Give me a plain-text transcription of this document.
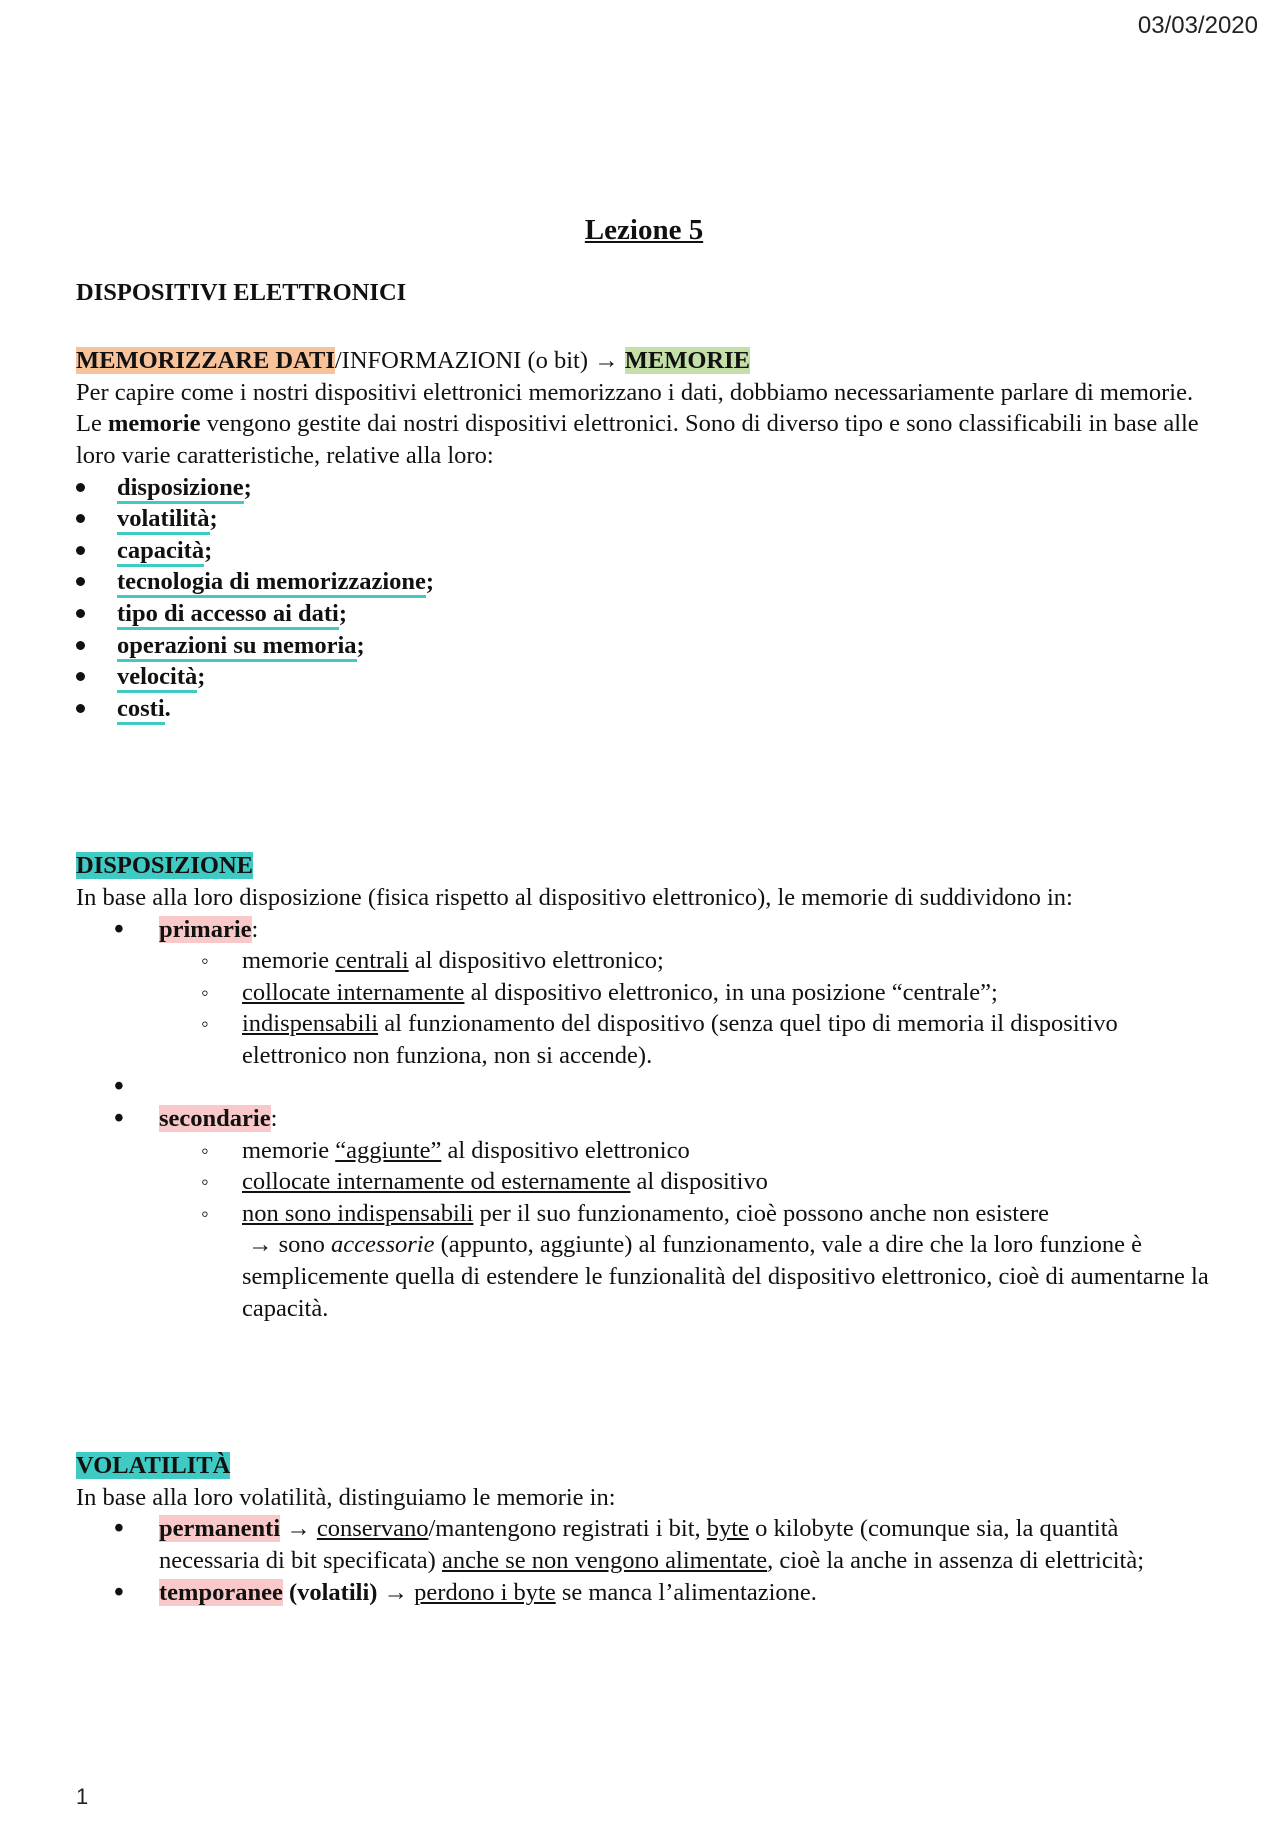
03/03/2020
Lezione 5

DISPOSITIVI ELETTRONICI

MEMORIZZARE DATI/INFORMAZIONI (o bit) → MEMORIE

Per capire come i nostri dispositivi elettronici memorizzano i dati, dobbiamo necessariamente parlare di memorie.

Le memorie vengono gestite dai nostri dispositivi elettronici. Sono di diverso tipo e sono classificabili in base alle loro varie caratteristiche, relative alla loro:

disposizione;
volatilità;
capacità;
tecnologia di memorizzazione;
tipo di accesso ai dati;
operazioni su memoria;
velocità;
costi.

DISPOSIZIONE

In base alla loro disposizione (fisica rispetto al dispositivo elettronico), le memorie di suddividono in:

• primarie:
◦ memorie centrali al dispositivo elettronico;
◦ collocate internamente al dispositivo elettronico, in una posizione “centrale”;
◦ indispensabili al funzionamento del dispositivo (senza quel tipo di memoria il dispositivo elettronico non funziona, non si accende).
•
• secondarie:
◦ memorie “aggiunte” al dispositivo elettronico
◦ collocate internamente od esternamente al dispositivo
◦ non sono indispensabili per il suo funzionamento, cioè possono anche non esistere
→ sono accessorie (appunto, aggiunte) al funzionamento, vale a dire che la loro funzione è semplicemente quella di estendere le funzionalità del dispositivo elettronico, cioè di aumentarne la capacità.

VOLATILITÀ

In base alla loro volatilità, distinguiamo le memorie in:

• permanenti → conservano/mantengono registrati i bit, byte o kilobyte (comunque sia, la quantità necessaria di bit specificata) anche se non vengono alimentate, cioè la anche in assenza di elettricità;
• temporanee (volatili) → perdono i byte se manca l’alimentazione.
1
